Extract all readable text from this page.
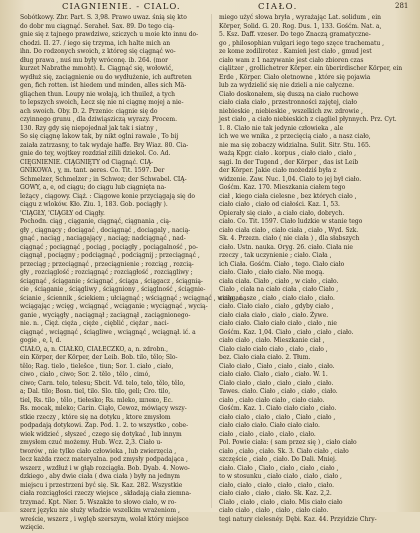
CIAGNIENIE. - CIALO.	CIAŁO.	281
Sobótkowy. Zbr. Part. S. 3,98. Prawo uwaz. śnią się kto
do dobr mu ciągnąć. Seraheł. Sax. 89. Do tego cią-
gnie się z tajnego prawdziwe, sziczych u moie kto innu do-
chodzi. II. 27. / iego się trzyma, ich halte mich an
ihn. Do rodzonych swoich, z któreg się ciągnąć wo-
dług prawa , nuś mu były wróconę. ib. 264. (mor
kurzet Nabrathe mmoht). Ł. Ciągnąć się, wołowić,
wydłuż się, zaciągnienie ou do wydłużenie, ich auftreten
gen, fich rotten. ist hiedem und minden, alles sich Mä-
gliąchen thun. Loupy nie wołają, ich thuileż, a tych
to lepszych swoich, Łecz się nie ni ciągnę mojej a nie-
ach swoich. Oby. D. 2. Przenio: ciągnie się do
czyinnego grunu , dla dziwiąsziczą wyrazy. Procem.
130. Rzy gdy się niepojednał jak tak i siatny ,
So się ciągnę lakow tak, by nikt oglni rawale , To bij
zaiała zatrzasny, to tak wydaje haffe. Bry Wiaz. 80. Cia-
gnie do tey, wojtkey rozdział zilili dziekol. Co. Ad.
CIĘGNIENIE. CIĄGNIĘTY od Ciągnąć. CIĄ-
GNIKOWA , y, m. tant. aeres. Co. Tit. 1597. Der
Schmelzer, Schmelzer ; in Schwoz; der Schwabel. CIĄ-
GOWY, a, e, od ciągu; do ciągu lub ciągnięta na-
leżący , ciągowy. Ciąż. : Ciągowe konie przyciągają się do
ciągu z wloków. Kło. Ziu. 1, 183. Gob. pociągły ).
'CIĄGŁY, 'CIĄGŁY od Ciągły.
Pochodn. ciąg , ciąganie, ciągnąć, ciągnania , cią-
gły , ciągnący ; dociągać , dociągnąć , dociągaly , nacią-
gnąć , naciąg , naciągający , naciąg; nadciągnąć , nad-
ciągnąć ; pociągnąć , pociąg , pociągły , pociągalność , po-
ciągnął , pociągny ; podciągnąć , podciągnij ; przeciągnąć ,
przeciąg ; przeciągnąć , przeciągnienie ; rozciąg , rozcią-
gły , rozciąglość ; rozciągnąć ; rozciągłość , rozciągliwy ;
ściągnąć , ściąganie ; ściągnąć , ściąga , ściągacz , ściągnią-
cie , ściąganie , ściągliwy , ściągniony , ściąglność , ściągnie-
ścianie , ściennik , ściekiem ; ułciągnąć ; wściągnąć ; wciągnąć , wciągać ,
wciągając ; wcięg , wciągnąć , wciąganie ; wyciągnąć , wycią-
ganie , wyciągły , naciągnął ; zaciągnął , zaciągnionego-
nie. n. , Cięż. cięża , cięże , cięblić , ciężar , naci-
ciągnąć , wciągnąć , ściągliwe , wciągnąć , wciągnął. ić. a
gogie , e, l, d.
CIAŁO, a, n. CIAŁKO, CIAŁECZKO, a, n. zdrobn.,
ein Körper, der Körper, der Leib. Bob. tilo, tělo; Slo-
tělo; Rag. tielo , tielešce , tiun; Sor. 1. ciało , ciało,
ciwo , ciało , ciwo; Sor. 2. tělo , tělo , cimó,
ciwo; Carn. telo, telesu; Sbcit. Vd. telo, telo, tělo, tělo,
a; Dal. tilo; Bosn. tiel, tilo. Slo. tilo, geli; Cro. tilo,
tiel, Rs. tilo , tělo , tiełesko; Rs. mleko, шлеко, Ec.
Rs. mocak, mleko; Carin. Ciąło, Cewoz, mówiący wszy-
stkie rzeczy , które się na dotyku , ktore zmysłom
podpadają dotykowi. Zap. Pod. 1. 2. to wszystko , cobe-
wiek widzieć , słyszeć , czego się dotykać , lub innym
zmysłem czuć możemy. Hub. Wcz. 2,3. Ciało u-
tworów , nie tylko ciało człowieka , lub zwierzęcia ,
lecz każda rzecz materyalna. pod zmysły podpadająca ,
wszerz , wzdłuż i w głąb rozciągła. Bob. Dyab. 4. Nowo-
dzkiego , aby dwie ciała ( dwa ciała ) były na jednym
miejscu i przestrzeni być się. Sk. Kaz. 282. Wszystkie
ciała rozciągłości rzeczy wiejsce , składają ciała ziemna-
trzymać. Kpt. Nier. 5. Wszakże to słowo ciało, w ro-
szerz języku nie służy władzie wszelkim wrażeniom ,
wreście, wszerz , i wglęb szerszym, wolał który miejsce
wzięcie.
miego użyć słowa bryła , wyrażając Lat. solidum , ein
Körper, Solid. G. 20. Rog. Dus. 1, 133. Gośćm. Nat. a,
5. Ksz. Daff. vzeser. Do tego Znaczą gramatyczne-
go , philosophian vulgari iego tego szęce trachematu ,
ze kome zodilirotez . Kamień jest ciało , gmud jest
ciało wam z 1 nazywanie jest ciało zbioren czas
ciąlitzer , grollichetrer Körper. ein überirdischer Körper, ein
Erde , Körper. Ciało oletnowne , które się pojawia
lub za wydzielić się nie dzieli a nie całyczne.
Ciało doskonałem, się duszą na ciało ruchowe
ciało ciała ciało , przestronności zajętej, ciało
niebieskie , niebieskie , wszelkich zw. zdrowie ,
jest ciało , a ciało niebieskich z ciągliel płynnych. Prz. Cyt.
1. 8. Ciało nie tak jedynie człowieka , ale
ich we we wnika , z przecięcią ciało , a nasz ciało,
nie ma się zobaczy widzialna. Sulit. Sitr. Stu. 165.
ważą Kpgr. ciało . korpus , ciało ciało , ciało ,
sągi. In der Tugend , der Körper , das ist Leib
der Körper. Jakie ciało możedziś była z
widzenie. Zaw. Nuc. 1,04. Ciało to jej był ciało.
Gośćm. Kaz. 170. Mieszkania ciałem tego
ciał , kiego ciała cielesne , bez których ciało ,
ciało ciało , ciało od ciałości. Kaz. 1, 53.
Opierały się ciało , a ciało ciało, dobrych.
ciało. Co. Tit. 1597. Ciało ludzkie w stanie tego
ciało ciała ciało , ciało ciała , ciało , Wyd. Szk.
Sk. 4. Przezn. ciało ( nie ciała ) , dla słabszych
ciało. Ustn. nauka. Oryg. 26. ciało. Ciała nie
rzeczy , tak uczynienie ; ciało. Ciała ,
ich Ciała. Gośćm. Ciało , tego. Ciało ciało
ciało. Ciało , ciało ciało. Nie mogą.
ciała ciała. Ciało , ciało , w ciało , ciało.
Ciało , ciała na ciało ciała , ciało Ciało ,
ciało , nasze , ciało , ciało ciało , ciało.
ciało. Ciało ciało , ciało , gdyby ciało ,
ciało ciała ciało , ciało , ciało. Żywe.
ciało ciało. Ciało ciało ciało , ciało , nie
Gośćm. Kaz. 1,04. Ciało , ciało , ciało , ciało.
ciało ciało , ciało. Mieszkanie ciał ,
Ciało ciało ciało ciało , ciało , ciało ,
bez. Ciało ciała ciało. 2. Tłum.
Ciało ciało , Ciało , ciało , ciało , ciało.
ciało ciało. Ciało , ciało , ciało. W. 1.
Ciało ciało , ciało , ciało , ciało , ciało.
Tawes. ciało. Ciało , ciało , ciało , ciało.
ciało , ciało ciało ciało , ciało ciało.
Gośćm. Kaz. 1. Ciało ciało ciało , ciało.
ciało ciało , ciało , ciało , Ciało , ciało ,
ciało ciało ciało. Ciało ciało ciało.
ciało , ciało , ciało , ciało , ciało.
Pol. Powie ciała: ( sam przez się ) , ciało ciało
ciało , ciało , ciało. Sk. 3. Ciało ciało , ciało
szczęście , ciało , ciało. Do Dali. Mniej.
ciało. Ciało , Ciało , ciało , ciało , ciało ,
to w stosunku , ciało ciało , ciało , ciało ,
ciało, ciało , ciało , ciało , ciało , ciało.
ciało ciało , ciało , ciało. Sk. Kaz. 2,2.
Ciało , ciało , ciało , ciało. Mis ciało ciało
ciało ciało , ciało , ciało , ciało ciało.
tegi natury cielesnéy. Dębi. Kaz. 44. Przyidzie Chry-
